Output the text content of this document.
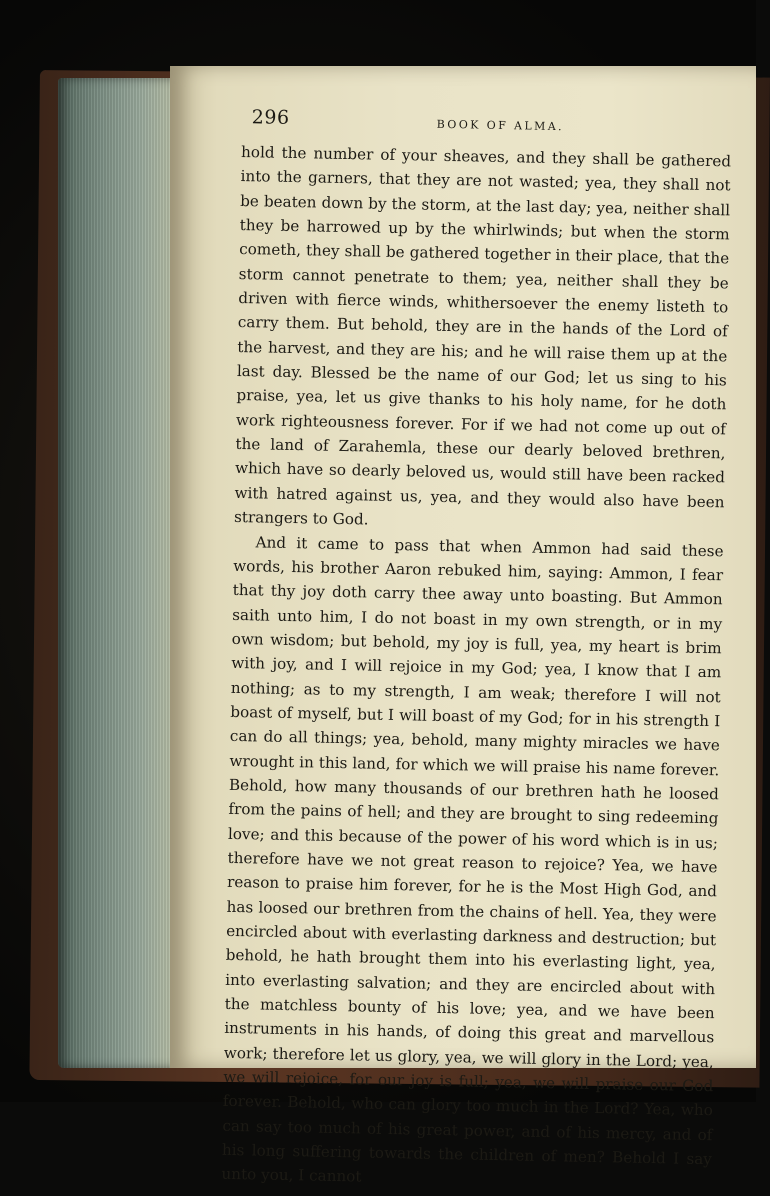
296	BOOK OF ALMA.

hold the number of your sheaves, and they shall be gathered into the garners, that they are not wasted; yea, they shall not be beaten down by the storm, at the last day; yea, neither shall they be harrowed up by the whirlwinds; but when the storm cometh, they shall be gathered together in their place, that the storm cannot penetrate to them; yea, neither shall they be driven with fierce winds, whithersoever the enemy listeth to carry them. But behold, they are in the hands of the Lord of the harvest, and they are his; and he will raise them up at the last day. Blessed be the name of our God; let us sing to his praise, yea, let us give thanks to his holy name, for he doth work righteousness forever. For if we had not come up out of the land of Zarahemla, these our dearly beloved brethren, which have so dearly beloved us, would still have been racked with hatred against us, yea, and they would also have been strangers to God.

And it came to pass that when Ammon had said these words, his brother Aaron rebuked him, saying: Ammon, I fear that thy joy doth carry thee away unto boasting. But Ammon saith unto him, I do not boast in my own strength, or in my own wisdom; but behold, my joy is full, yea, my heart is brim with joy, and I will rejoice in my God; yea, I know that I am nothing; as to my strength, I am weak; therefore I will not boast of myself, but I will boast of my God; for in his strength I can do all things; yea, behold, many mighty miracles we have wrought in this land, for which we will praise his name forever. Behold, how many thousands of our brethren hath he loosed from the pains of hell; and they are brought to sing redeeming love; and this because of the power of his word which is in us; therefore have we not great reason to rejoice? Yea, we have reason to praise him forever, for he is the Most High God, and has loosed our brethren from the chains of hell. Yea, they were encircled about with everlasting darkness and destruction; but behold, he hath brought them into his everlasting light, yea, into everlasting salvation; and they are encircled about with the matchless bounty of his love; yea, and we have been instruments in his hands, of doing this great and marvellous work; therefore let us glory, yea, we will glory in the Lord; yea, we will rejoice, for our joy is full; yea, we will praise our God forever. Behold, who can glory too much in the Lord? Yea, who can say too much of his great power, and of his mercy, and of his long suffering towards the children of men? Behold I say unto you, I cannot
